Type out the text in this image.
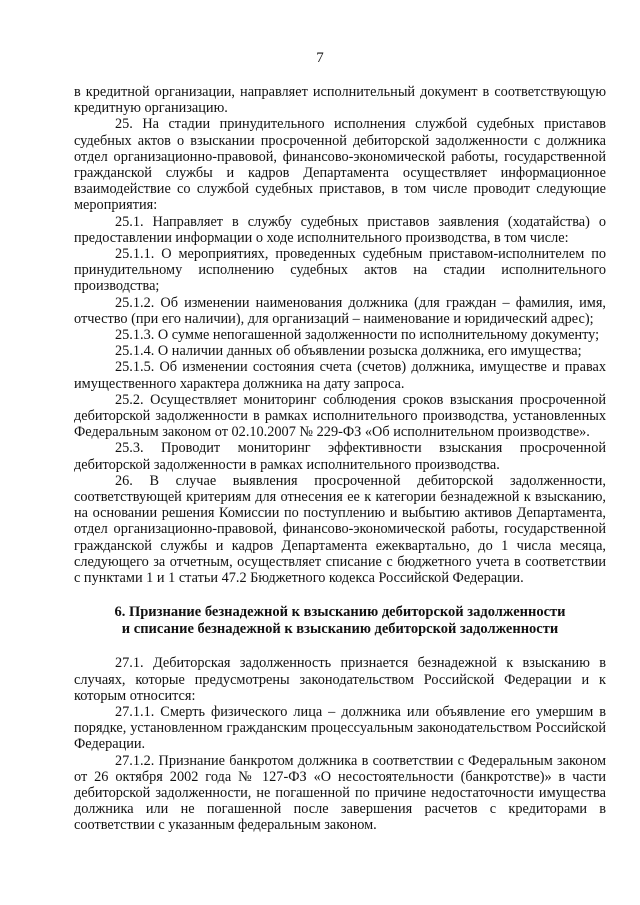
7

в кредитной организации, направляет исполнительный документ в соответствующую кредитную организацию.

25. На стадии принудительного исполнения службой судебных приставов судебных актов о взыскании просроченной дебиторской задолженности с должника отдел организационно-правовой, финансово-экономической работы, государственной гражданской службы и кадров Департамента осуществляет информационное взаимодействие со службой судебных приставов, в том числе проводит следующие мероприятия:

25.1. Направляет в службу судебных приставов заявления (ходатайства) о предоставлении информации о ходе исполнительного производства, в том числе:

25.1.1. О мероприятиях, проведенных судебным приставом-исполнителем по принудительному исполнению судебных актов на стадии исполнительного производства;

25.1.2. Об изменении наименования должника (для граждан – фамилия, имя, отчество (при его наличии), для организаций – наименование и юридический адрес);

25.1.3. О сумме непогашенной задолженности по исполнительному документу;

25.1.4. О наличии данных об объявлении розыска должника, его имущества;

25.1.5. Об изменении состояния счета (счетов) должника, имуществе и правах имущественного характера должника на дату запроса.

25.2. Осуществляет мониторинг соблюдения сроков взыскания просроченной дебиторской задолженности в рамках исполнительного производства, установленных Федеральным законом от 02.10.2007 № 229-ФЗ «Об исполнительном производстве».

25.3. Проводит мониторинг эффективности взыскания просроченной дебиторской задолженности в рамках исполнительного производства.

26. В случае выявления просроченной дебиторской задолженности, соответствующей критериям для отнесения ее к категории безнадежной к взысканию, на основании решения Комиссии по поступлению и выбытию активов Департамента, отдел организационно-правовой, финансово-экономической работы, государственной гражданской службы и кадров Департамента ежеквартально, до 1 числа месяца, следующего за отчетным, осуществляет списание с бюджетного учета в соответствии с пунктами 1 и 1 статьи 47.2 Бюджетного кодекса Российской Федерации.

6. Признание безнадежной к взысканию дебиторской задолженности
и списание безнадежной к взысканию дебиторской задолженности

27.1. Дебиторская задолженность признается безнадежной к взысканию в случаях, которые предусмотрены законодательством Российской Федерации и к которым относится:

27.1.1. Смерть физического лица – должника или объявление его умершим в порядке, установленном гражданским процессуальным законодательством Российской Федерации.

27.1.2. Признание банкротом должника в соответствии с Федеральным законом от 26 октября 2002 года № 127-ФЗ «О несостоятельности (банкротстве)» в части дебиторской задолженности, не погашенной по причине недостаточности имущества должника или не погашенной после завершения расчетов с кредиторами в соответствии с указанным федеральным законом.
